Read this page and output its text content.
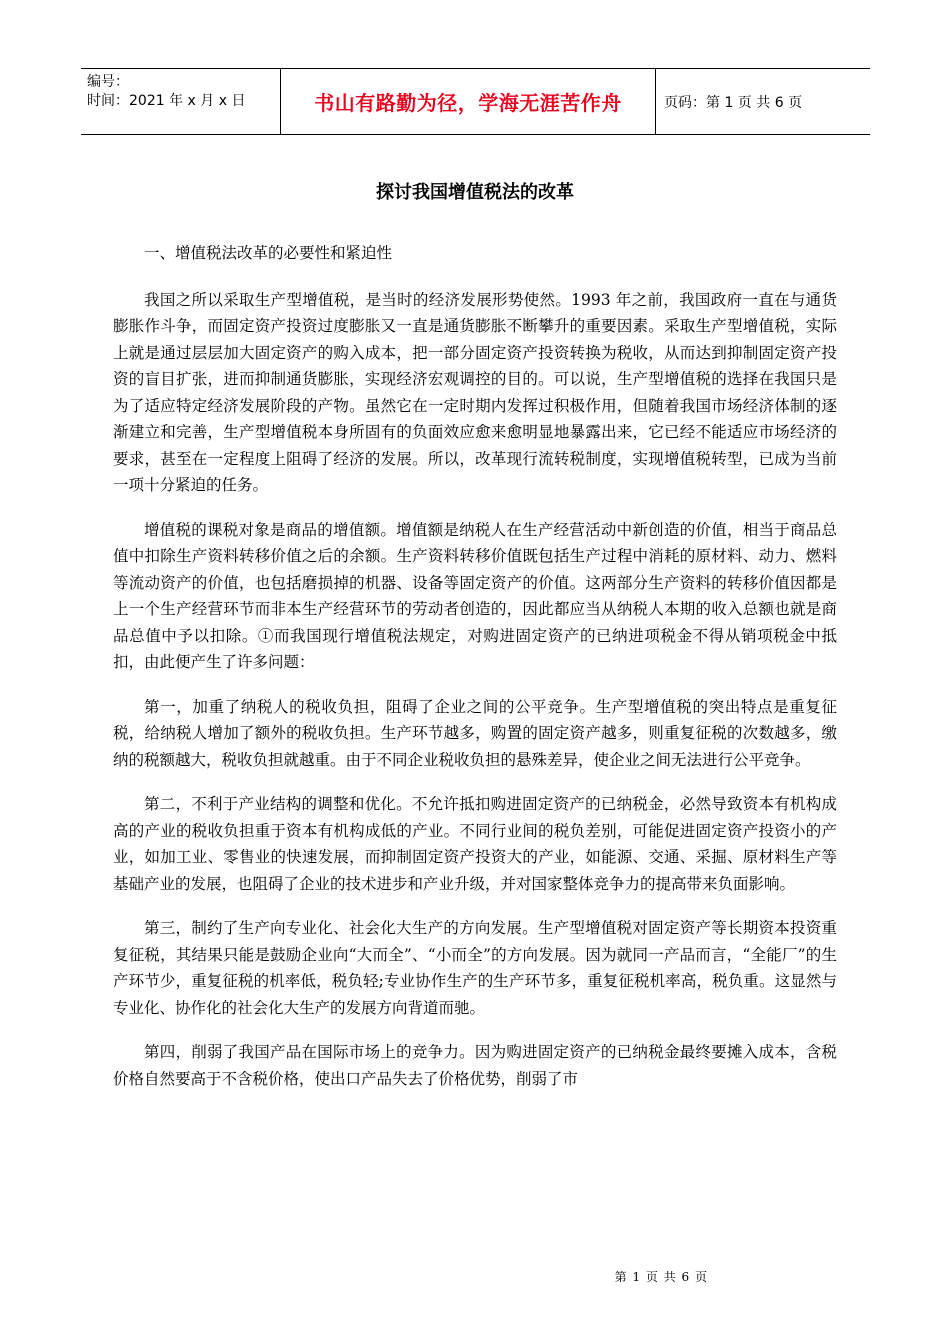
编号：
时间：2021 年 x 月 x 日	书山有路勤为径，学海无涯苦作舟	页码：第 1 页 共 6 页
探讨我国增值税法的改革

一、增值税法改革的必要性和紧迫性

我国之所以采取生产型增值税，是当时的经济发展形势使然。1993 年之前，我国政府一直在与通货膨胀作斗争，而固定资产投资过度膨胀又一直是通货膨胀不断攀升的重要因素。采取生产型增值税，实际上就是通过层层加大固定资产的购入成本，把一部分固定资产投资转换为税收，从而达到抑制固定资产投资的盲目扩张，进而抑制通货膨胀，实现经济宏观调控的目的。可以说，生产型增值税的选择在我国只是为了适应特定经济发展阶段的产物。虽然它在一定时期内发挥过积极作用，但随着我国市场经济体制的逐渐建立和完善，生产型增值税本身所固有的负面效应愈来愈明显地暴露出来，它已经不能适应市场经济的要求，甚至在一定程度上阻碍了经济的发展。所以，改革现行流转税制度，实现增值税转型，已成为当前一项十分紧迫的任务。

增值税的课税对象是商品的增值额。增值额是纳税人在生产经营活动中新创造的价值，相当于商品总值中扣除生产资料转移价值之后的余额。生产资料转移价值既包括生产过程中消耗的原材料、动力、燃料等流动资产的价值，也包括磨损掉的机器、设备等固定资产的价值。这两部分生产资料的转移价值因都是上一个生产经营环节而非本生产经营环节的劳动者创造的，因此都应当从纳税人本期的收入总额也就是商品总值中予以扣除。①而我国现行增值税法规定，对购进固定资产的已纳进项税金不得从销项税金中抵扣，由此便产生了许多问题：

第一，加重了纳税人的税收负担，阻碍了企业之间的公平竞争。生产型增值税的突出特点是重复征税，给纳税人增加了额外的税收负担。生产环节越多，购置的固定资产越多，则重复征税的次数越多，缴纳的税额越大，税收负担就越重。由于不同企业税收负担的悬殊差异，使企业之间无法进行公平竞争。

第二，不利于产业结构的调整和优化。不允许抵扣购进固定资产的已纳税金，必然导致资本有机构成高的产业的税收负担重于资本有机构成低的产业。不同行业间的税负差别，可能促进固定资产投资小的产业，如加工业、零售业的快速发展，而抑制固定资产投资大的产业，如能源、交通、采掘、原材料生产等基础产业的发展，也阻碍了企业的技术进步和产业升级，并对国家整体竞争力的提高带来负面影响。

第三，制约了生产向专业化、社会化大生产的方向发展。生产型增值税对固定资产等长期资本投资重复征税，其结果只能是鼓励企业向“大而全”、“小而全”的方向发展。因为就同一产品而言，“全能厂”的生产环节少，重复征税的机率低，税负轻;专业协作生产的生产环节多，重复征税机率高，税负重。这显然与专业化、协作化的社会化大生产的发展方向背道而驰。

第四，削弱了我国产品在国际市场上的竞争力。因为购进固定资产的已纳税金最终要摊入成本，含税价格自然要高于不含税价格，使出口产品失去了价格优势，削弱了市

第 1 页 共 6 页
